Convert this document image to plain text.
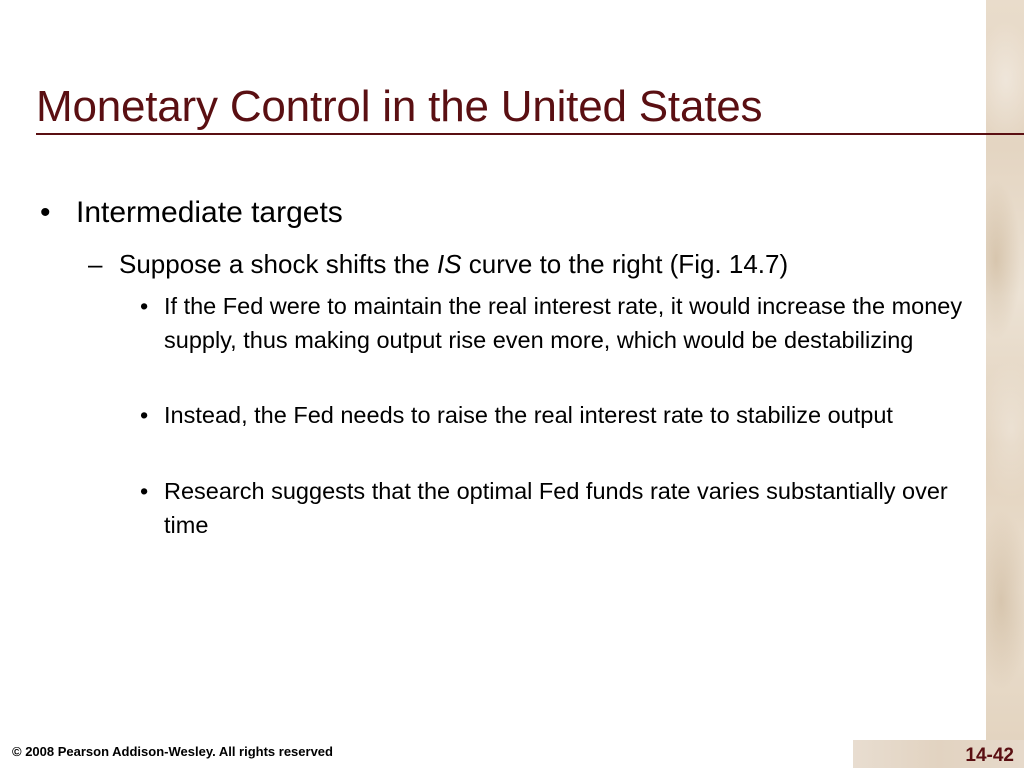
Monetary Control in the United States
• Intermediate targets
– Suppose a shock shifts the IS curve to the right (Fig. 14.7)
• If the Fed were to maintain the real interest rate, it would increase the money supply, thus making output rise even more, which would be destabilizing
• Instead, the Fed needs to raise the real interest rate to stabilize output
• Research suggests that the optimal Fed funds rate varies substantially over time
© 2008 Pearson Addison-Wesley. All rights reserved	14-42
